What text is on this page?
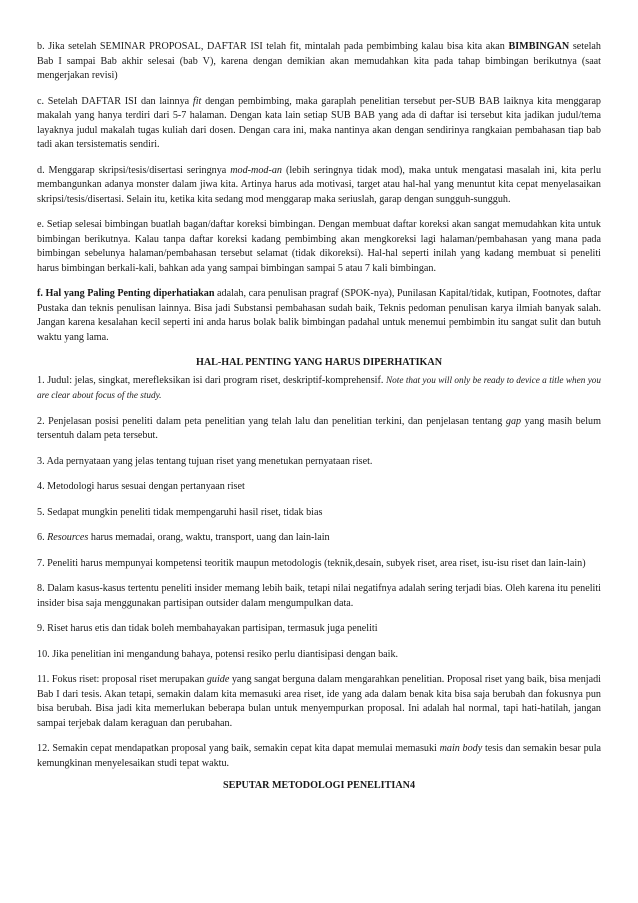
b. Jika setelah SEMINAR PROPOSAL, DAFTAR ISI telah fit, mintalah pada pembimbing kalau bisa kita akan BIMBINGAN setelah Bab I sampai Bab akhir selesai (bab V), karena dengan demikian akan memudahkan kita pada tahap bimbingan berikutnya (saat mengerjakan revisi)

c. Setelah DAFTAR ISI dan lainnya fit dengan pembimbing, maka garaplah penelitian tersebut per-SUB BAB laiknya kita menggarap makalah yang hanya terdiri dari 5-7 halaman. Dengan kata lain setiap SUB BAB yang ada di daftar isi tersebut kita jadikan judul/tema layaknya judul makalah tugas kuliah dari dosen. Dengan cara ini, maka nantinya akan dengan sendirinya rangkaian pembahasan tiap bab tadi akan tersistematis sendiri.

d. Menggarap skripsi/tesis/disertasi seringnya mod-mod-an (lebih seringnya tidak mod), maka untuk mengatasi masalah ini, kita perlu membangunkan adanya monster dalam jiwa kita. Artinya harus ada motivasi, target atau hal-hal yang menuntut kita cepat menyelasaikan skripsi/tesis/disertasi. Selain itu, ketika kita sedang mod menggarap maka seriuslah, garap dengan sungguh-sungguh.

e. Setiap selesai bimbingan buatlah bagan/daftar koreksi bimbingan. Dengan membuat daftar koreksi akan sangat memudahkan kita untuk bimbingan berikutnya. Kalau tanpa daftar koreksi kadang pembimbing akan mengkoreksi lagi halaman/pembahasan yang mana pada bimbingan sebelunya halaman/pembahasan tersebut selamat (tidak dikoreksi). Hal-hal seperti inilah yang kadang membuat si peneliti harus bimbingan berkali-kali, bahkan ada yang sampai bimbingan sampai 5 atau 7 kali bimbingan.

f. Hal yang Paling Penting diperhatiakan adalah, cara penulisan pragraf (SPOK-nya), Punilasan Kapital/tidak, kutipan, Footnotes, daftar Pustaka dan teknis penulisan lainnya. Bisa jadi Substansi pembahasan sudah baik, Teknis pedoman penulisan karya ilmiah banyak salah. Jangan karena kesalahan kecil seperti ini anda harus bolak balik bimbingan padahal untuk menemui pembimbin itu sangat sulit dan butuh waktu yang lama.

HAL-HAL PENTING YANG HARUS DIPERHATIKAN

1. Judul: jelas, singkat, merefleksikan isi dari program riset, deskriptif-komprehensif. Note that you will only be ready to device a title when you are clear about focus of the study.

2. Penjelasan posisi peneliti dalam peta penelitian yang telah lalu dan penelitian terkini, dan penjelasan tentang gap yang masih belum tersentuh dalam peta tersebut.

3. Ada pernyataan yang jelas tentang tujuan riset yang menetukan pernyataan riset.

4. Metodologi harus sesuai dengan pertanyaan riset

5. Sedapat mungkin peneliti tidak mempengaruhi hasil riset, tidak bias

6. Resources harus memadai, orang, waktu, transport, uang dan lain-lain

7. Peneliti harus mempunyai kompetensi teoritik maupun metodologis (teknik,desain, subyek riset, area riset, isu-isu riset dan lain-lain)

8. Dalam kasus-kasus tertentu peneliti insider memang lebih baik, tetapi nilai negatifnya adalah sering terjadi bias. Oleh karena itu peneliti insider bisa saja menggunakan partisipan outsider dalam mengumpulkan data.

9. Riset harus etis dan tidak boleh membahayakan partisipan, termasuk juga peneliti

10. Jika penelitian ini mengandung bahaya, potensi resiko perlu diantisipasi dengan baik.

11. Fokus riset: proposal riset merupakan guide yang sangat berguna dalam mengarahkan penelitian. Proposal riset yang baik, bisa menjadi Bab I dari tesis. Akan tetapi, semakin dalam kita memasuki area riset, ide yang ada dalam benak kita bisa saja berubah dan fokusnya pun bisa berubah. Bisa jadi kita memerlukan beberapa bulan untuk menyempurkan proposal. Ini adalah hal normal, tapi hati-hatilah, jangan sampai terjebak dalam keraguan dan perubahan.

12. Semakin cepat mendapatkan proposal yang baik, semakin cepat kita dapat memulai memasuki main body tesis dan semakin besar pula kemungkinan menyelesaikan studi tepat waktu.

SEPUTAR METODOLOGI PENELITIAN4
